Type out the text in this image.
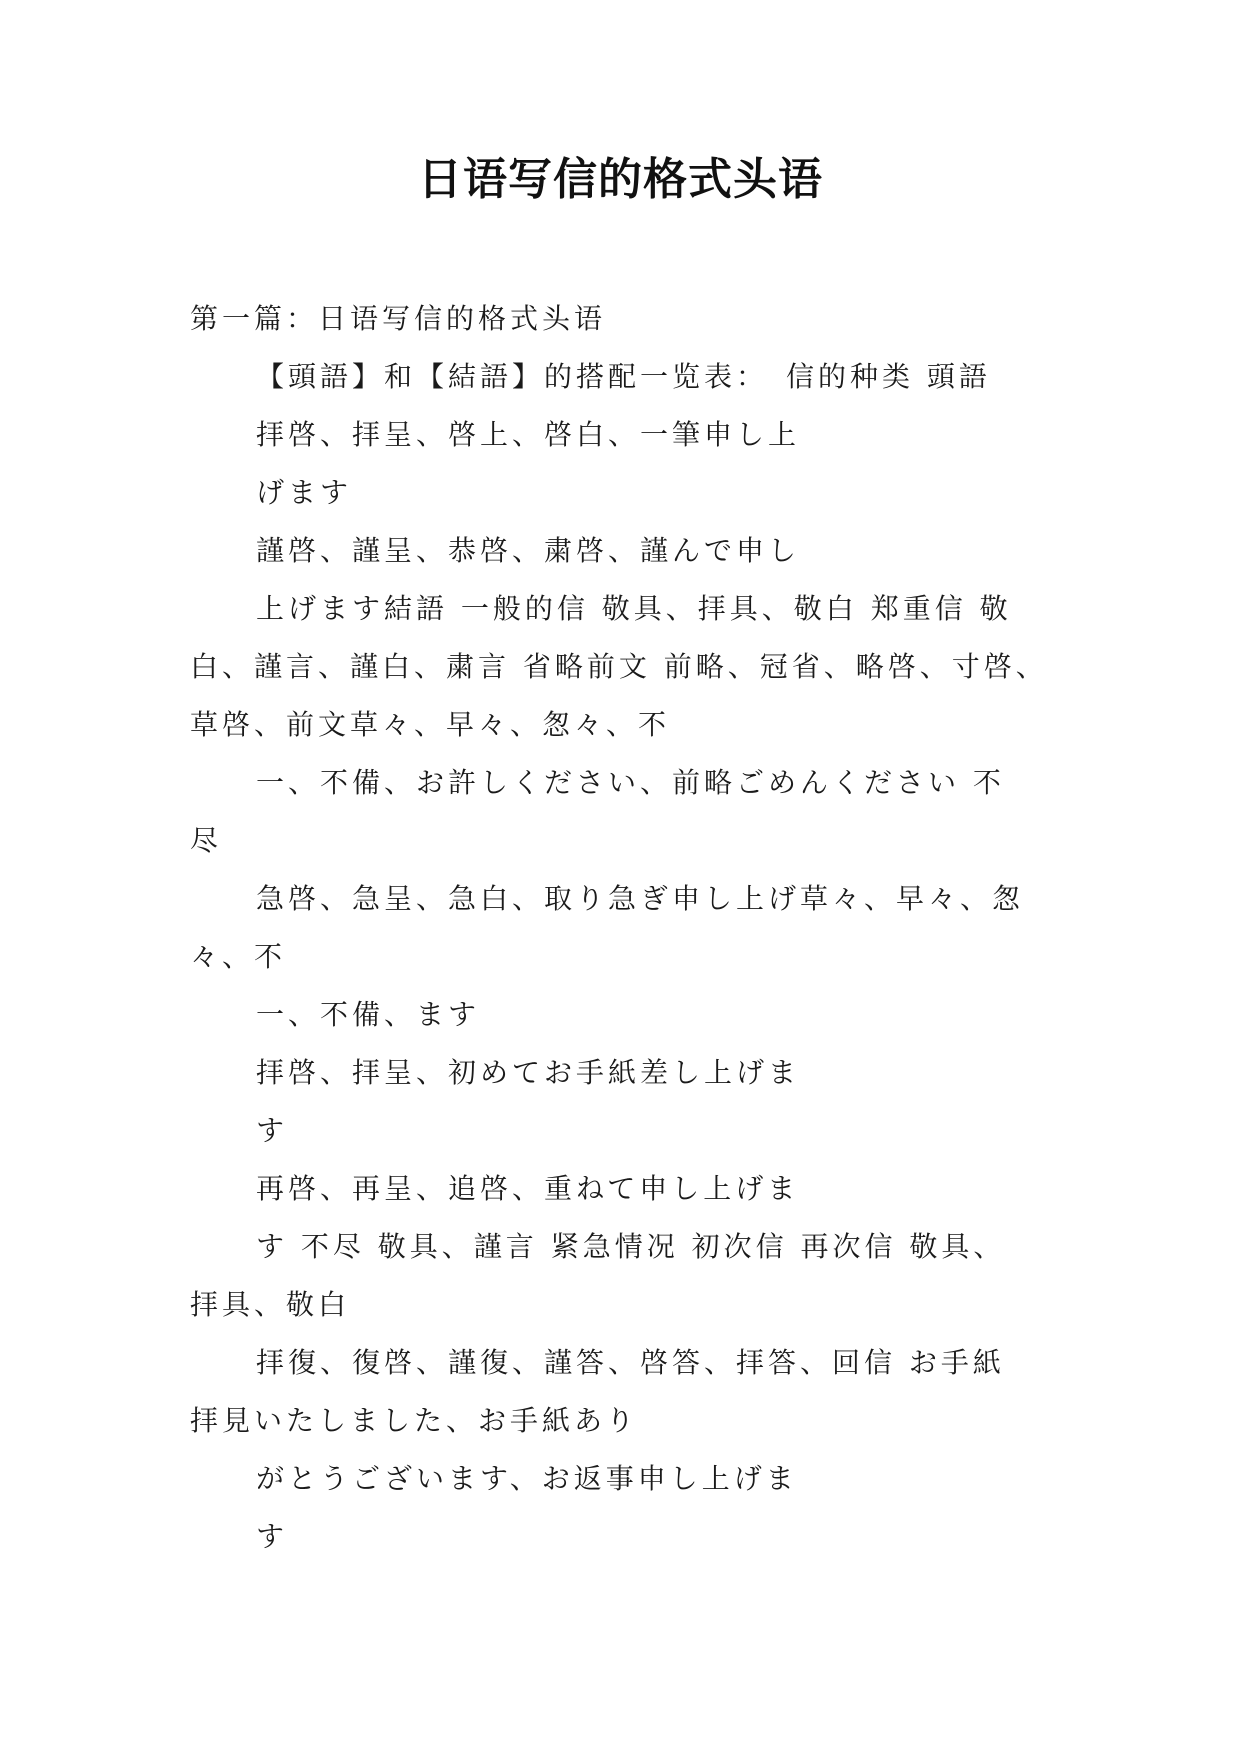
日语写信的格式头语
第一篇：日语写信的格式头语
【頭語】和【結語】的搭配一览表：　信的种类 頭語
拝啓、拝呈、啓上、啓白、一筆申し上
げます
謹啓、謹呈、恭啓、粛啓、謹んで申し
上げます結語 一般的信 敬具、拝具、敬白 郑重信 敬
白、謹言、謹白、粛言 省略前文 前略、冠省、略啓、寸啓、
草啓、前文草々、早々、怱々、不
一、不備、お許しください、前略ごめんください 不
尽
急啓、急呈、急白、取り急ぎ申し上げ草々、早々、怱
々、不
一、不備、ます
拝啓、拝呈、初めてお手紙差し上げま
す
再啓、再呈、追啓、重ねて申し上げま
す 不尽 敬具、謹言 紧急情况 初次信 再次信 敬具、
拝具、敬白
拝復、復啓、謹復、謹答、啓答、拝答、回信 お手紙
拝見いたしました、お手紙あり
がとうございます、お返事申し上げま
す
